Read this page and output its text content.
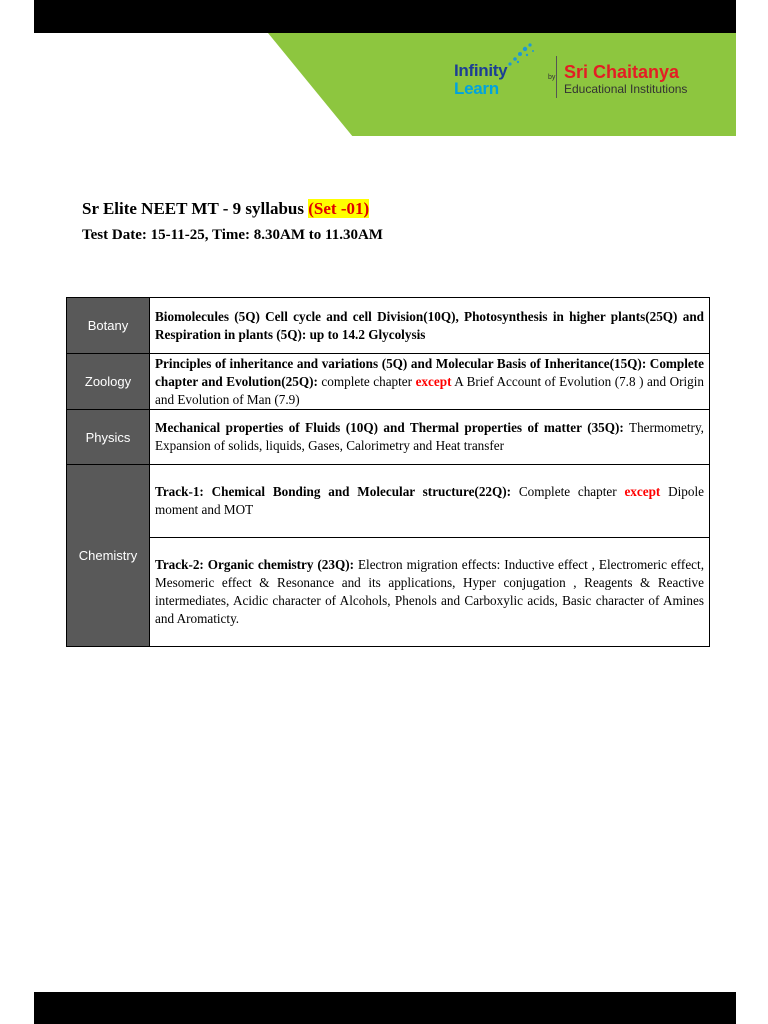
Infinity
Learn
by Sri Chaitanya
Educational Institutions
Sr Elite NEET MT - 9 syllabus (Set -01)
Test Date: 15-11-25, Time: 8.30AM to 11.30AM
Botany	Biomolecules (5Q) Cell cycle and cell Division(10Q), Photosynthesis in higher plants(25Q) and Respiration in plants (5Q): up to 14.2 Glycolysis
Zoology	Principles of inheritance and variations (5Q) and Molecular Basis of Inheritance(15Q): Complete chapter and Evolution(25Q): complete chapter except A Brief Account of Evolution (7.8 ) and Origin and Evolution of Man (7.9)
Physics	Mechanical properties of Fluids (10Q) and Thermal properties of matter (35Q): Thermometry, Expansion of solids, liquids, Gases, Calorimetry and Heat transfer
Chemistry	Track-1: Chemical Bonding and Molecular structure(22Q): Complete chapter except Dipole moment and MOT
	Track-2: Organic chemistry (23Q): Electron migration effects: Inductive effect , Electromeric effect, Mesomeric effect & Resonance and its applications, Hyper conjugation , Reagents & Reactive intermediates, Acidic character of Alcohols, Phenols and Carboxylic acids, Basic character of Amines and Aromaticty.
